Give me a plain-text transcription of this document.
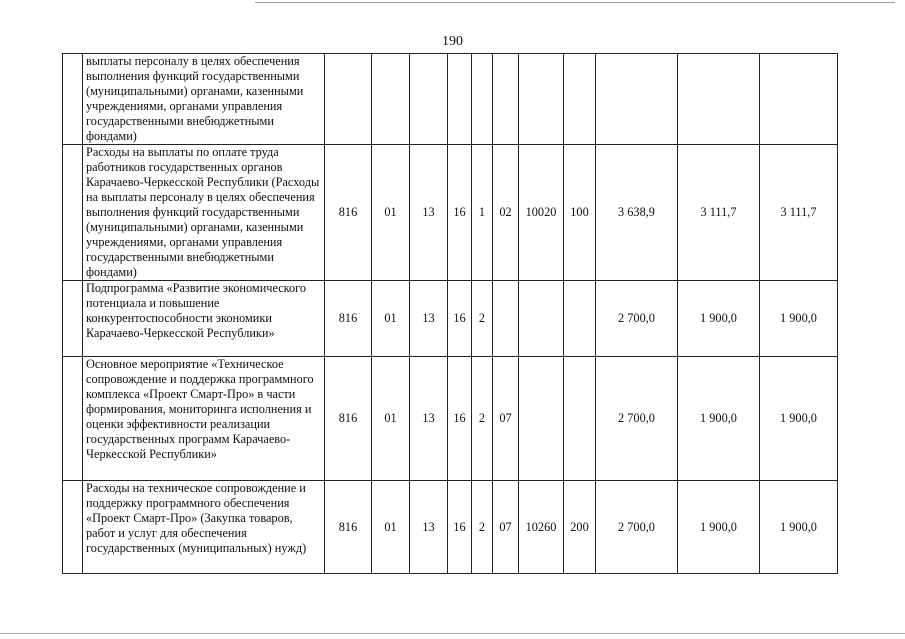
190
	выплаты персоналу в целях обеспечения выполнения функций государственными (муниципальными) органами, казенными учреждениями, органами управления государственными внебюджетными фондами)											
	Расходы на выплаты по оплате труда работников государственных органов Карачаево-Черкесской Республики (Расходы на выплаты персоналу в целях обеспечения выполнения функций государственными (муниципальными) органами, казенными учреждениями, органами управления государственными внебюджетными фондами)	816	01	13	16	1	02	10020	100	3 638,9	3 111,7	3 111,7
	Подпрограмма «Развитие экономического потенциала и повышение конкурентоспособности экономики Карачаево-Черкесской Республики»	816	01	13	16	2				2 700,0	1 900,0	1 900,0
	Основное мероприятие «Техническое сопровождение и поддержка программного комплекса «Проект Смарт-Про» в части формирования, мониторинга исполнения и оценки эффективности реализации государственных программ Карачаево-Черкесской Республики»	816	01	13	16	2	07			2 700,0	1 900,0	1 900,0
	Расходы на техническое сопровождение и поддержку программного обеспечения «Проект Смарт-Про» (Закупка товаров, работ и услуг для обеспечения государственных (муниципальных) нужд)	816	01	13	16	2	07	10260	200	2 700,0	1 900,0	1 900,0
